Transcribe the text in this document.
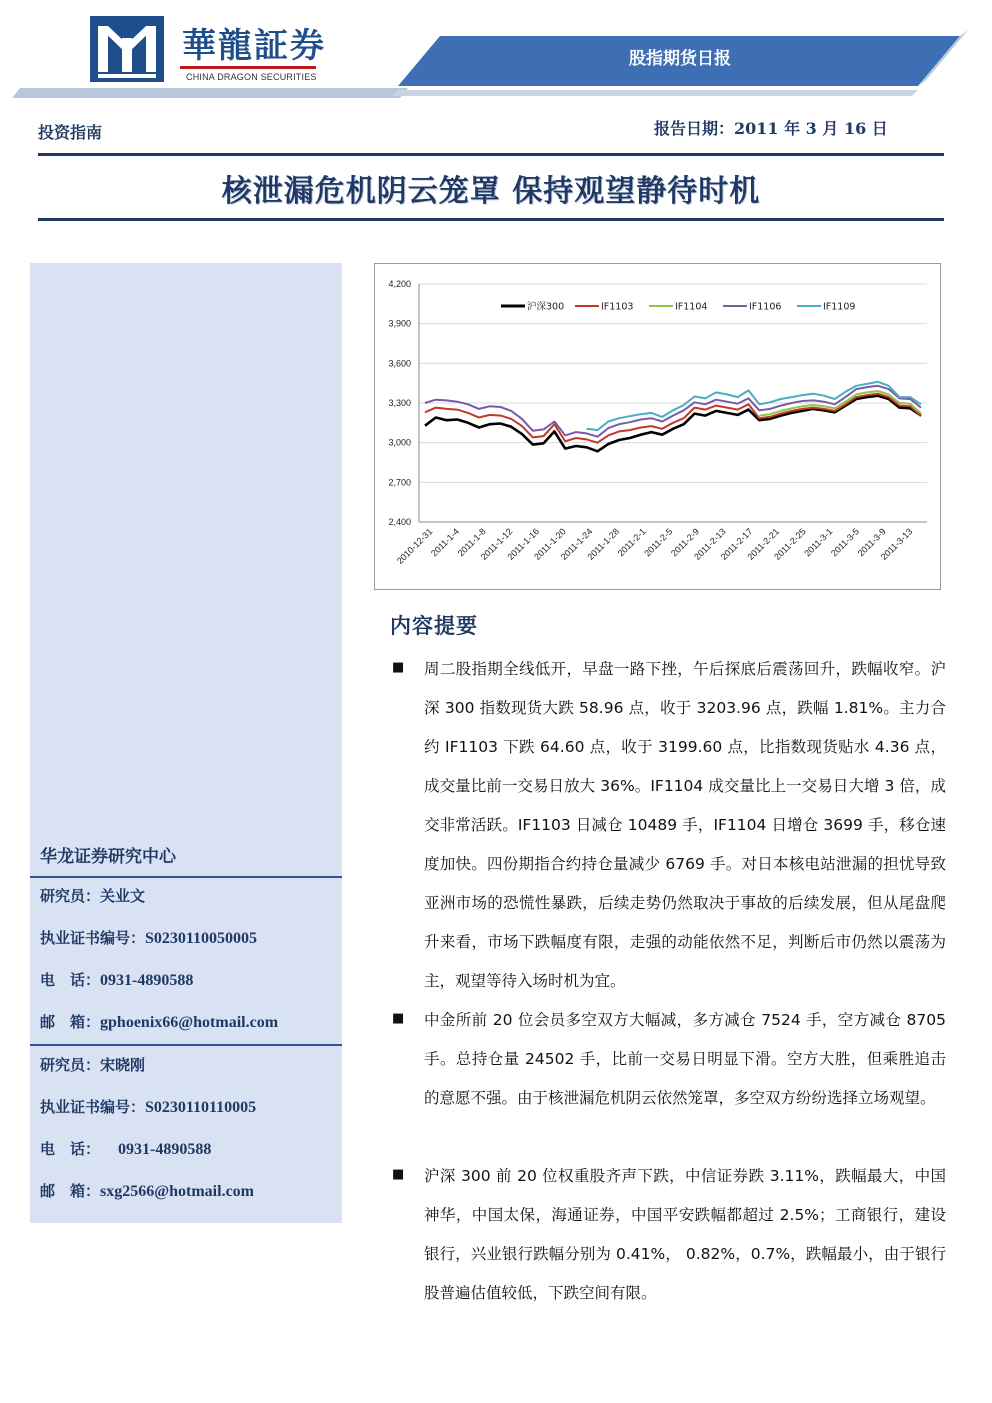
華龍証券
CHINA DRAGON SECURITIES
股指期货日报
投资指南	报告日期：2011 年 3 月 16 日
核泄漏危机阴云笼罩 保持观望静待时机
华龙证券研究中心
研究员：关业文
执业证书编号：S0230110050005
电　话：0931-4890588
邮　箱：gphoenix66@hotmail.com
研究员：宋晓刚
执业证书编号：S0230110110005
电　话： 0931-4890588
邮　箱：sxg2566@hotmail.com
2,400
2,700
3,000
3,300
3,600
3,900
4,200
2010-12-31
2011-1-4
2011-1-8
2011-1-12
2011-1-16
2011-1-20
2011-1-24
2011-1-28
2011-2-1
2011-2-5
2011-2-9
2011-2-13
2011-2-17
2011-2-21
2011-2-25
2011-3-1
2011-3-5
2011-3-9
2011-3-13
沪深300	IF1103	IF1104	IF1106	IF1109
内容提要
■ 周二股指期全线低开，早盘一路下挫，午后探底后震荡回升，跌幅收窄。沪深 300 指数现货大跌 58.96 点，收于 3203.96 点，跌幅 1.81%。主力合约 IF1103 下跌 64.60 点，收于 3199.60 点，比指数现货贴水 4.36 点，成交量比前一交易日放大 36%。IF1104 成交量比上一交易日大增 3 倍，成交非常活跃。IF1103 日减仓 10489 手，IF1104 日增仓 3699 手，移仓速度加快。四份期指合约持仓量减少 6769 手。对日本核电站泄漏的担忧导致亚洲市场的恐慌性暴跌，后续走势仍然取决于事故的后续发展，但从尾盘爬升来看，市场下跌幅度有限，走强的动能依然不足，判断后市仍然以震荡为主，观望等待入场时机为宜。
■ 中金所前 20 位会员多空双方大幅减，多方减仓 7524 手，空方减仓 8705 手。总持仓量 24502 手，比前一交易日明显下滑。空方大胜，但乘胜追击的意愿不强。由于核泄漏危机阴云依然笼罩，多空双方纷纷选择立场观望。
■ 沪深 300 前 20 位权重股齐声下跌，中信证券跌 3.11%，跌幅最大，中国神华，中国太保，海通证券，中国平安跌幅都超过 2.5%；工商银行，建设银行，兴业银行跌幅分别为 0.41%， 0.82%，0.7%，跌幅最小，由于银行股普遍估值较低，下跌空间有限。
